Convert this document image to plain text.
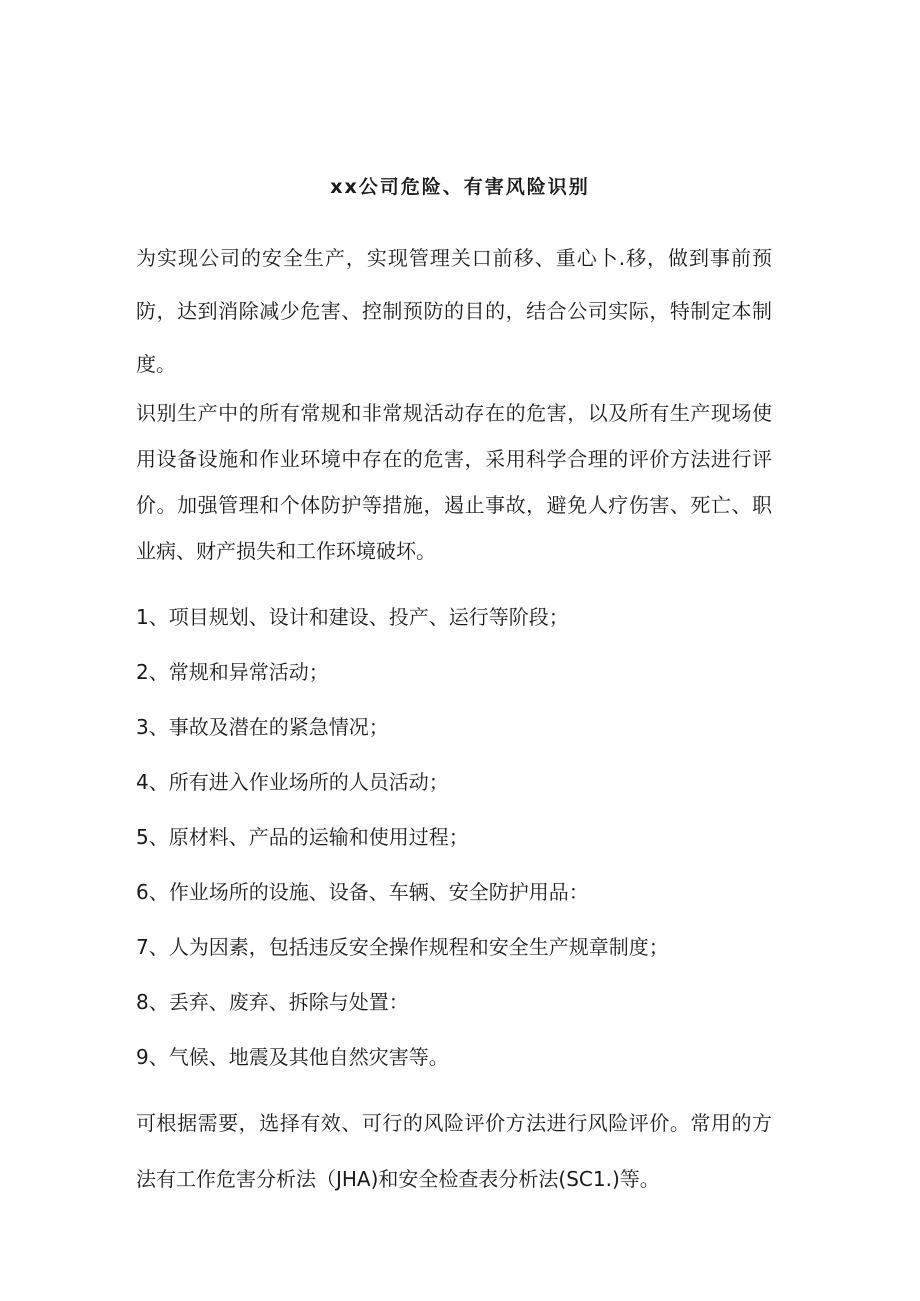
xx公司危险、有害风险识别

为实现公司的安全生产，实现管理关口前移、重心卜.移，做到事前预防，达到消除减少危害、控制预防的目的，结合公司实际，特制定本制度。

识别生产中的所有常规和非常规活动存在的危害，以及所有生产现场使用设备设施和作业环境中存在的危害，采用科学合理的评价方法进行评价。加强管理和个体防护等措施，遏止事故，避免人疗伤害、死亡、职业病、财产损失和工作环境破坏。

1、项目规划、设计和建设、投产、运行等阶段；
2、常规和异常活动；
3、事故及潜在的紧急情况；
4、所有进入作业场所的人员活动；
5、原材料、产品的运输和使用过程；
6、作业场所的设施、设备、车辆、安全防护用品：
7、人为因素，包括违反安全操作规程和安全生产规章制度；
8、丢弃、废弃、拆除与处置：
9、气候、地震及其他自然灾害等。

可根据需要，选择有效、可行的风险评价方法进行风险评价。常用的方法有工作危害分析法（JHA)和安全检查表分析法(SC1.)等。
